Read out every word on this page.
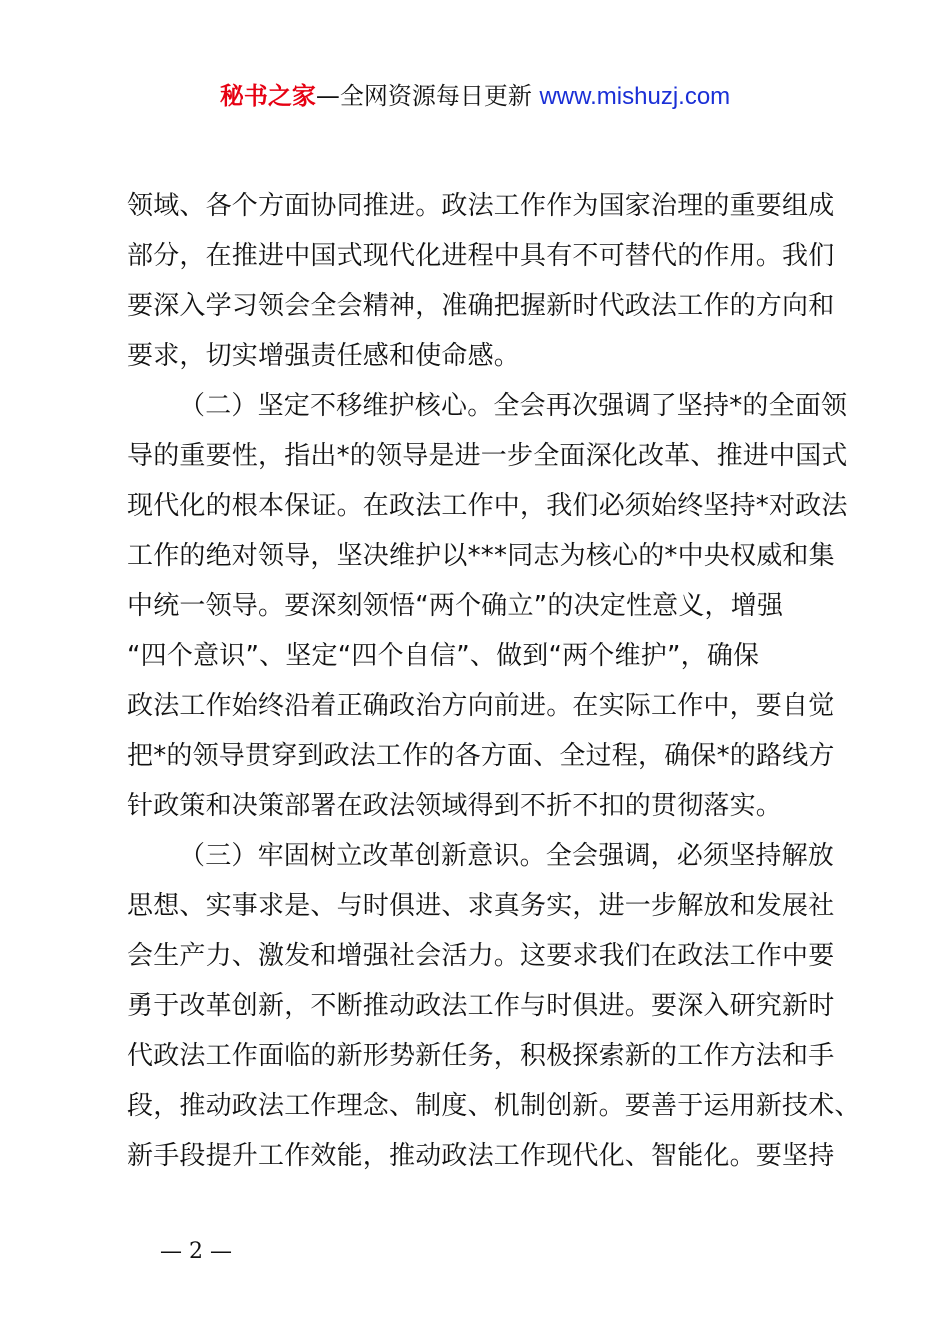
秘书之家—全网资源每日更新 www.mishuzj.com
领域、各个方面协同推进。政法工作作为国家治理的重要组成
部分，在推进中国式现代化进程中具有不可替代的作用。我们
要深入学习领会全会精神，准确把握新时代政法工作的方向和
要求，切实增强责任感和使命感。
（二）坚定不移维护核心。全会再次强调了坚持*的全面领
导的重要性，指出*的领导是进一步全面深化改革、推进中国式
现代化的根本保证。在政法工作中，我们必须始终坚持*对政法
工作的绝对领导，坚决维护以***同志为核心的*中央权威和集
中统一领导。要深刻领悟“两个确立”的决定性意义，增强
“四个意识”、坚定“四个自信”、做到“两个维护”，确保
政法工作始终沿着正确政治方向前进。在实际工作中，要自觉
把*的领导贯穿到政法工作的各方面、全过程，确保*的路线方
针政策和决策部署在政法领域得到不折不扣的贯彻落实。
（三）牢固树立改革创新意识。全会强调，必须坚持解放
思想、实事求是、与时俱进、求真务实，进一步解放和发展社
会生产力、激发和增强社会活力。这要求我们在政法工作中要
勇于改革创新，不断推动政法工作与时俱进。要深入研究新时
代政法工作面临的新形势新任务，积极探索新的工作方法和手
段，推动政法工作理念、制度、机制创新。要善于运用新技术、
新手段提升工作效能，推动政法工作现代化、智能化。要坚持
— 2 —
